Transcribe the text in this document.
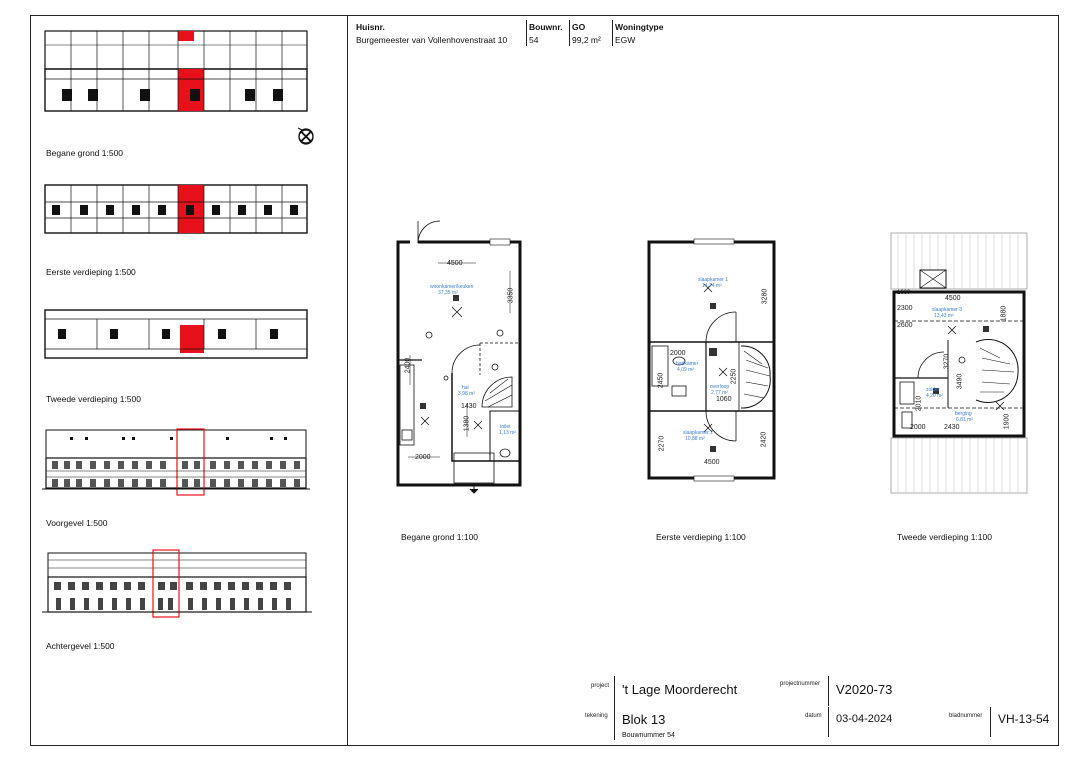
Huisnr.
Burgemeester van Vollenhovenstraat 10
Bouwnr.
54
GO
99,2 m²
Woningtype
EGW
Begane grond 1:500
Eerste verdieping 1:500
Tweede verdieping 1:500
Voorgevel 1:500
Achtergevel 1:500
4500
3350
2400
1430
1380
2000
woonkamer/keuken
37,35 m²
hal
3,98 m²
toilet
1,13 m²
Begane grond 1:100
3280
2000
2450
1060
2250
2270	2420
4500
slaapkamer 1
14,74 m²
badkamer
4,09 m²
overloop
2,77 m²
slaapkamer 2
10,88 m²
Eerste verdieping 1:100
1660
4500
2300	1880
2600
3270
3490
2010
2000	1900
2430
slaapkamer 3
13,43 m²
zolder
4,20 m²
berging
6,81 m²
Tweede verdieping 1:100
project 't Lage Moorderecht	projectnummer V2020-73
tekening Blok 13
Bouwnummer 54
datum 03-04-2024	bladnummer VH-13-54
